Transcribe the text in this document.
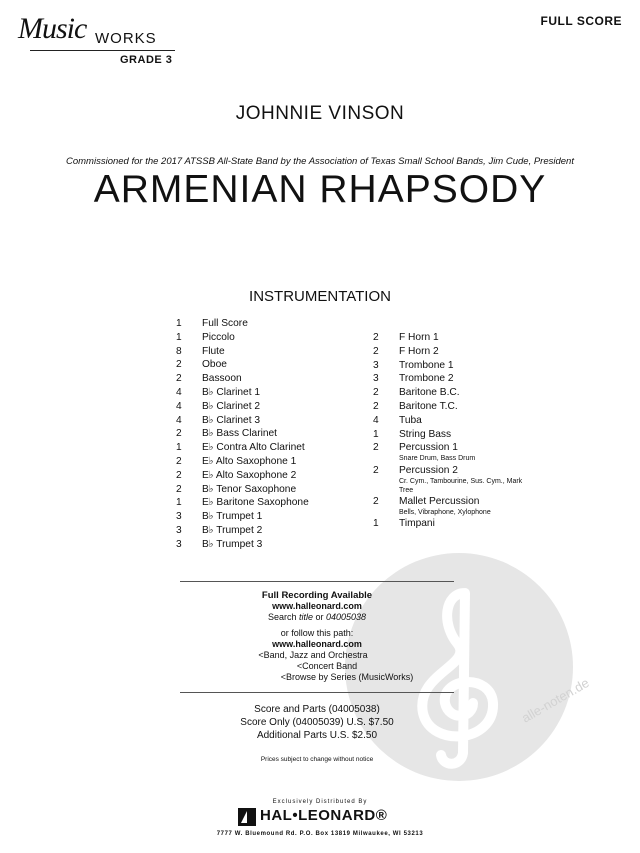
Music WORKS
GRADE 3
FULL SCORE
alle-noten.de
JOHNNIE VINSON
Commissioned for the 2017 ATSSB All-State Band by the Association of Texas Small School Bands, Jim Cude, President
ARMENIAN RHAPSODY
INSTRUMENTATION
1 Full Score
1 Piccolo
8 Flute
2 Oboe
2 Bassoon
4 B♭ Clarinet 1
4 B♭ Clarinet 2
4 B♭ Clarinet 3
2 B♭ Bass Clarinet
1 E♭ Contra Alto Clarinet
2 E♭ Alto Saxophone 1
2 E♭ Alto Saxophone 2
2 B♭ Tenor Saxophone
1 E♭ Baritone Saxophone
3 B♭ Trumpet 1
3 B♭ Trumpet 2
3 B♭ Trumpet 3
2 F Horn 1
2 F Horn 2
3 Trombone 1
3 Trombone 2
2 Baritone B.C.
2 Baritone T.C.
4 Tuba
1 String Bass
2 Percussion 1
Snare Drum, Bass Drum
2 Percussion 2
Cr. Cym., Tambourine, Sus. Cym., Mark Tree
2 Mallet Percussion
Bells, Vibraphone, Xylophone
1 Timpani
Full Recording Available
www.halleonard.com
Search title or 04005038
or follow this path:
www.halleonard.com
<Band, Jazz and Orchestra
<Concert Band
<Browse by Series (MusicWorks)
Score and Parts (04005038)
Score Only (04005039) U.S. $7.50
Additional Parts U.S. $2.50
Prices subject to change without notice
Exclusively Distributed By
HAL•LEONARD®
7777 W. Bluemound Rd. P.O. Box 13819 Milwaukee, WI 53213
